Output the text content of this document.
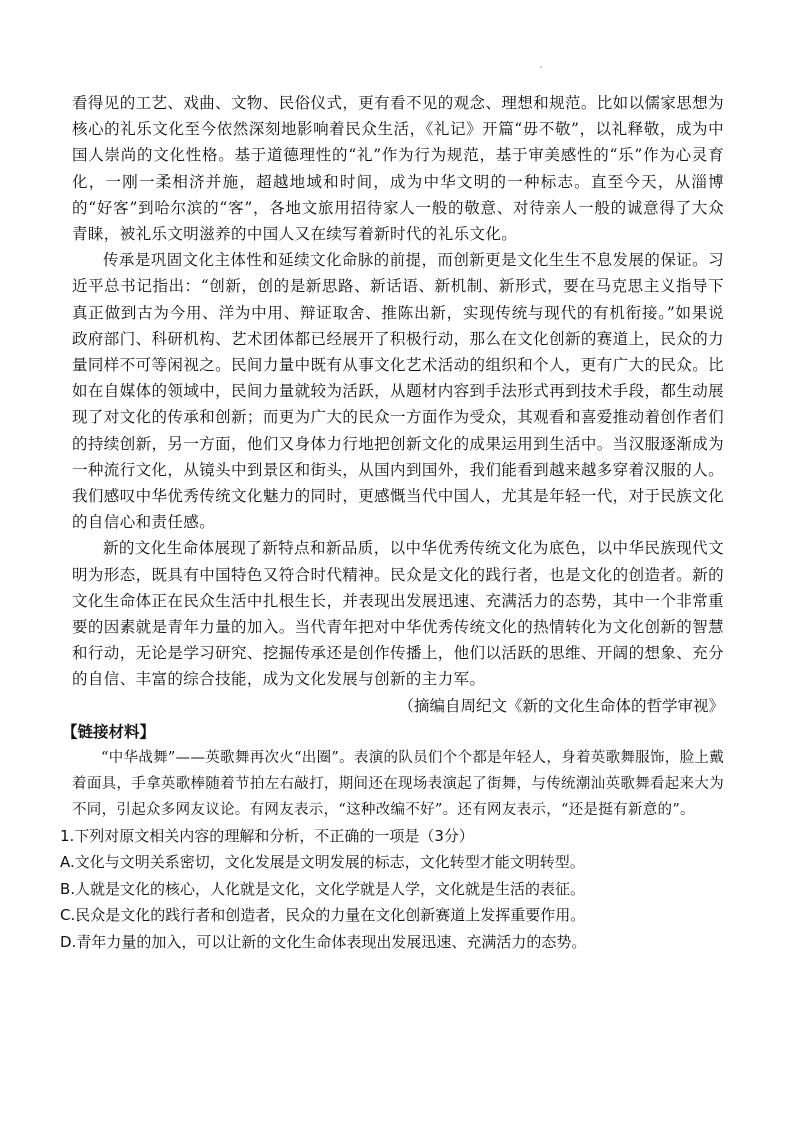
看得见的工艺、戏曲、文物、民俗仪式，更有看不见的观念、理想和规范。比如以儒家思想为核心的礼乐文化至今依然深刻地影响着民众生活，《礼记》开篇“毋不敬”，以礼释敬，成为中国人崇尚的文化性格。基于道德理性的“礼”作为行为规范，基于审美感性的“乐”作为心灵育化，一刚一柔相济并施，超越地域和时间，成为中华文明的一种标志。直至今天，从淄博的“好客”到哈尔滨的“客”，各地文旅用招待家人一般的敬意、对待亲人一般的诚意得了大众青睐，被礼乐文明滋养的中国人又在续写着新时代的礼乐文化。

传承是巩固文化主体性和延续文化命脉的前提，而创新更是文化生生不息发展的保证。习近平总书记指出：“创新，创的是新思路、新话语、新机制、新形式，要在马克思主义指导下真正做到古为今用、洋为中用、辩证取舍、推陈出新，实现传统与现代的有机衔接。”如果说政府部门、科研机构、艺术团体都已经展开了积极行动，那么在文化创新的赛道上，民众的力量同样不可等闲视之。民间力量中既有从事文化艺术活动的组织和个人，更有广大的民众。比如在自媒体的领域中，民间力量就较为活跃，从题材内容到手法形式再到技术手段，都生动展现了对文化的传承和创新；而更为广大的民众一方面作为受众，其观看和喜爱推动着创作者们的持续创新，另一方面，他们又身体力行地把创新文化的成果运用到生活中。当汉服逐渐成为一种流行文化，从镜头中到景区和街头，从国内到国外，我们能看到越来越多穿着汉服的人。我们感叹中华优秀传统文化魅力的同时，更感慨当代中国人，尤其是年轻一代，对于民族文化的自信心和责任感。

新的文化生命体展现了新特点和新品质，以中华优秀传统文化为底色，以中华民族现代文明为形态，既具有中国特色又符合时代精神。民众是文化的践行者，也是文化的创造者。新的文化生命体正在民众生活中扎根生长，并表现出发展迅速、充满活力的态势，其中一个非常重要的因素就是青年力量的加入。当代青年把对中华优秀传统文化的热情转化为文化创新的智慧和行动，无论是学习研究、挖掘传承还是创作传播上，他们以活跃的思维、开阔的想象、充分的自信、丰富的综合技能，成为文化发展与创新的主力军。

（摘编自周纪文《新的文化生命体的哲学审视》

【链接材料】

“中华战舞”——英歌舞再次火“出圈”。表演的队员们个个都是年轻人，身着英歌舞服饰，脸上戴着面具，手拿英歌棒随着节拍左右敲打，期间还在现场表演起了街舞，与传统潮汕英歌舞看起来大为不同，引起众多网友议论。有网友表示，“这种改编不好”。还有网友表示，“还是挺有新意的”。

1.下列对原文相关内容的理解和分析，不正确的一项是（3分）

A.文化与文明关系密切，文化发展是文明发展的标志，文化转型才能文明转型。

B.人就是文化的核心，人化就是文化，文化学就是人学，文化就是生活的表征。

C.民众是文化的践行者和创造者，民众的力量在文化创新赛道上发挥重要作用。

D.青年力量的加入，可以让新的文化生命体表现出发展迅速、充满活力的态势。
